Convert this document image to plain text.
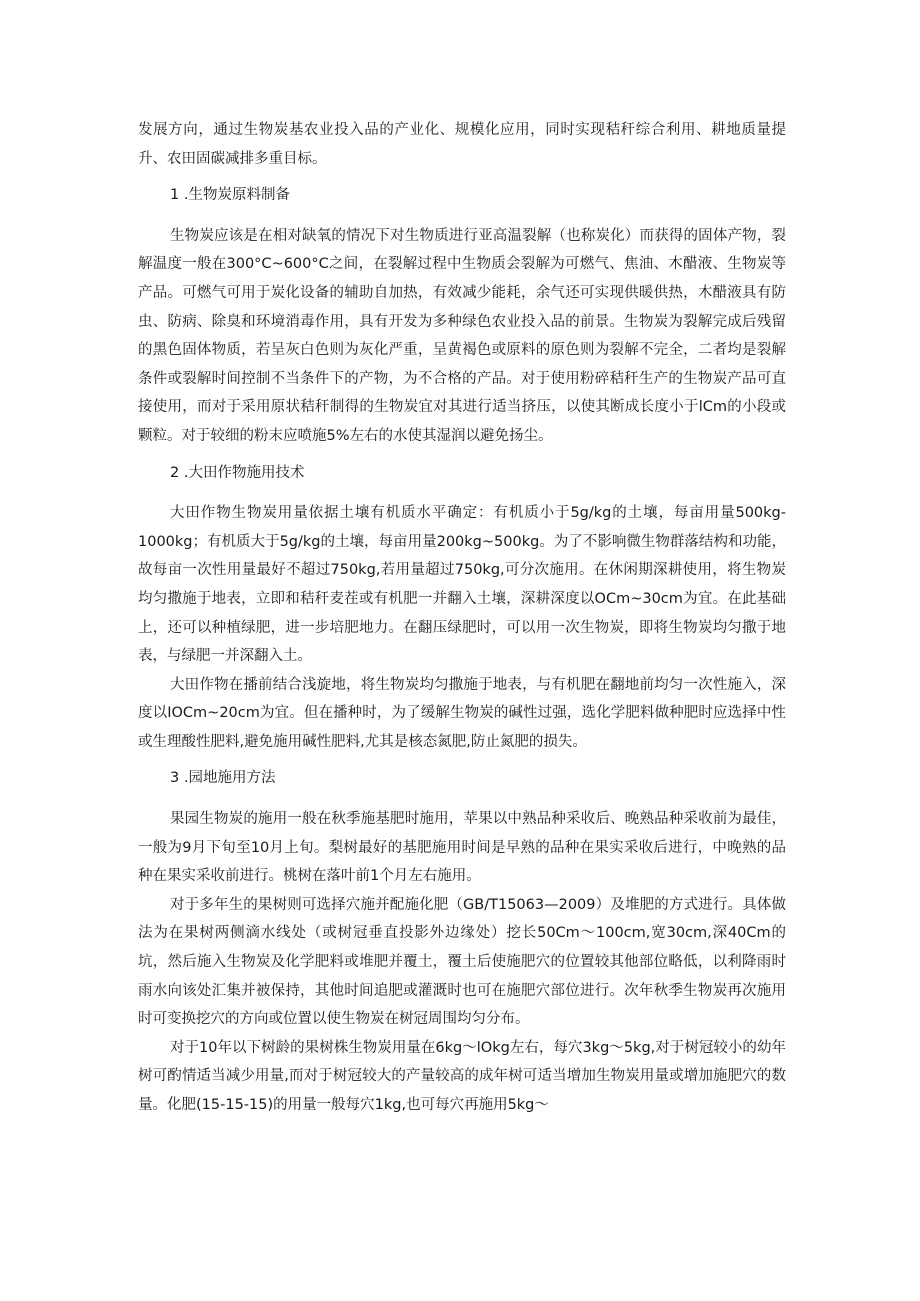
发展方向，通过生物炭基农业投入品的产业化、规模化应用，同时实现秸秆综合利用、耕地质量提升、农田固碳减排多重目标。

1 .生物炭原料制备

生物炭应该是在相对缺氧的情况下对生物质进行亚高温裂解（也称炭化）而获得的固体产物，裂解温度一般在300°C~600°C之间，在裂解过程中生物质会裂解为可燃气、焦油、木醋液、生物炭等产品。可燃气可用于炭化设备的辅助自加热，有效减少能耗，余气还可实现供暖供热，木醋液具有防虫、防病、除臭和环境消毒作用，具有开发为多种绿色农业投入品的前景。生物炭为裂解完成后残留的黑色固体物质，若呈灰白色则为灰化严重，呈黄褐色或原料的原色则为裂解不完全，二者均是裂解条件或裂解时间控制不当条件下的产物，为不合格的产品。对于使用粉碎秸秆生产的生物炭产品可直接使用，而对于采用原状秸秆制得的生物炭宜对其进行适当挤压，以使其断成长度小于lCm的小段或颗粒。对于较细的粉末应喷施5%左右的水使其湿润以避免扬尘。

2 .大田作物施用技术

大田作物生物炭用量依据土壤有机质水平确定：有机质小于5g∕kg的土壤，每亩用量500kg-1000kg；有机质大于5g∕kg的土壤，每亩用量200kg~500kg。为了不影响微生物群落结构和功能，故每亩一次性用量最好不超过750kg,若用量超过750kg,可分次施用。在休闲期深耕使用，将生物炭均匀撒施于地表，立即和秸秆麦茬或有机肥一并翻入土壤，深耕深度以OCm~30cm为宜。在此基础上，还可以种植绿肥，进一步培肥地力。在翻压绿肥时，可以用一次生物炭，即将生物炭均匀撒于地表，与绿肥一并深翻入土。

大田作物在播前结合浅旋地，将生物炭均匀撒施于地表，与有机肥在翻地前均匀一次性施入，深度以IOCm~20cm为宜。但在播种时，为了缓解生物炭的碱性过强，选化学肥料做种肥时应选择中性或生理酸性肥料,避免施用碱性肥料,尤其是核态氮肥,防止氮肥的损失。

3 .园地施用方法

果园生物炭的施用一般在秋季施基肥时施用，苹果以中熟品种采收后、晚熟品种采收前为最佳，一般为9月下旬至10月上旬。梨树最好的基肥施用时间是早熟的品种在果实采收后进行，中晚熟的品种在果实采收前进行。桃树在落叶前1个月左右施用。

对于多年生的果树则可选择穴施并配施化肥（GB/T15063—2009）及堆肥的方式进行。具体做法为在果树两侧滴水线处（或树冠垂直投影外边缘处）挖长50Cm～100cm,宽30cm,深40Cm的坑，然后施入生物炭及化学肥料或堆肥并覆土，覆土后使施肥穴的位置较其他部位略低，以利降雨时雨水向该处汇集并被保持，其他时间追肥或灌溉时也可在施肥穴部位进行。次年秋季生物炭再次施用时可变换挖穴的方向或位置以使生物炭在树冠周围均匀分布。

对于10年以下树龄的果树株生物炭用量在6kg～lOkg左右，每穴3kg～5kg,对于树冠较小的幼年树可酌情适当减少用量,而对于树冠较大的产量较高的成年树可适当增加生物炭用量或增加施肥穴的数量。化肥(15-15-15)的用量一般每穴1kg,也可每穴再施用5kg～
